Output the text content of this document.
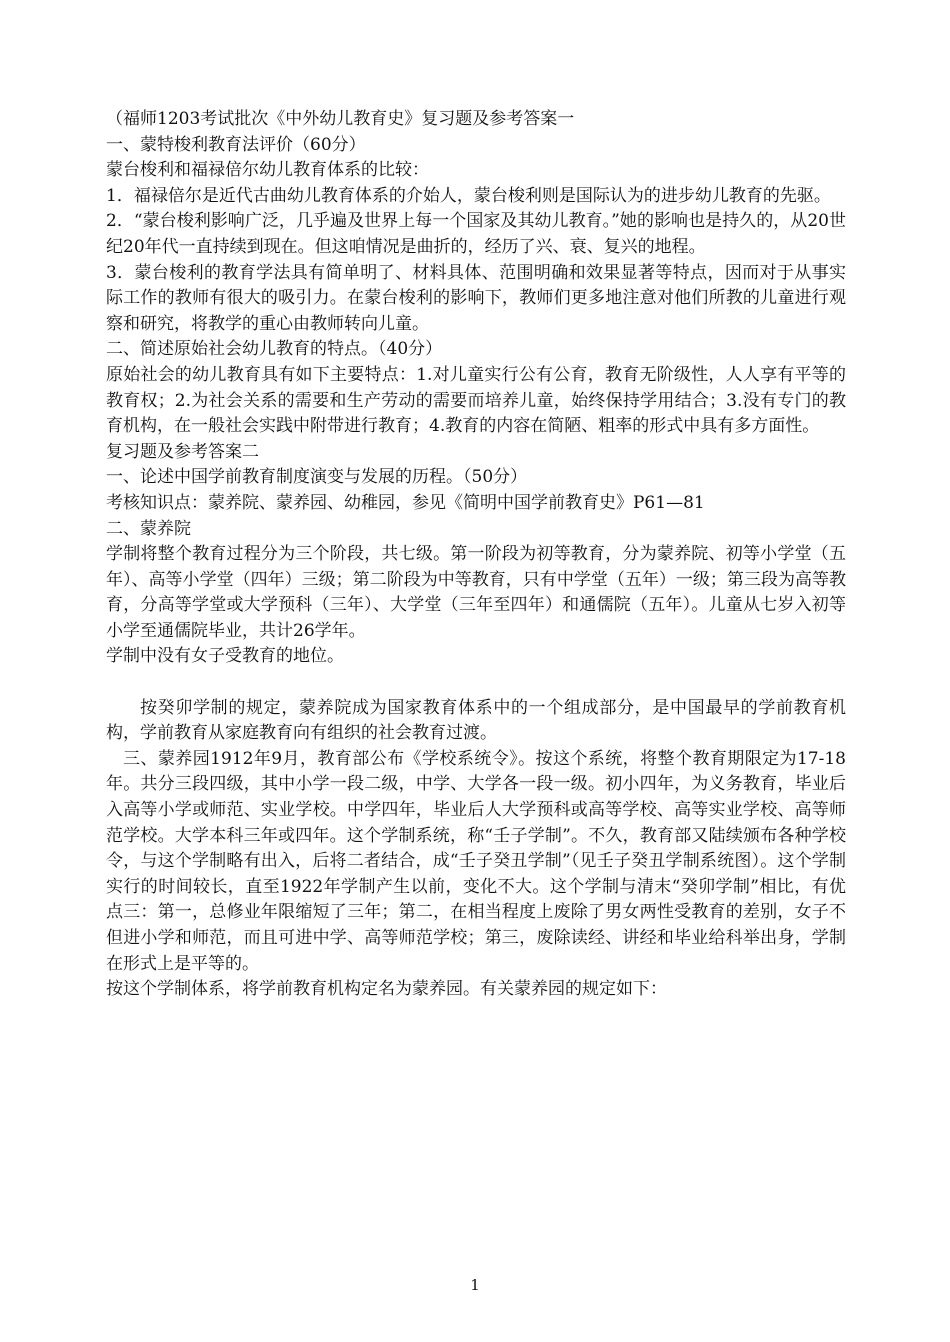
（福师1203考试批次《中外幼儿教育史》复习题及参考答案一

一、蒙特梭利教育法评价（60分）

蒙台梭利和福禄倍尔幼儿教育体系的比较：

1．福禄倍尔是近代古曲幼儿教育体系的介始人，蒙台梭利则是国际认为的进步幼儿教育的先驱。

2．“蒙台梭利影响广泛，几乎遍及世界上每一个国家及其幼儿教育。”她的影响也是持久的，从20世纪20年代一直持续到现在。但这咱情况是曲折的，经历了兴、衰、复兴的地程。

3．蒙台梭利的教育学法具有简单明了、材料具体、范围明确和效果显著等特点，因而对于从事实际工作的教师有很大的吸引力。在蒙台梭利的影响下，教师们更多地注意对他们所教的儿童进行观察和研究，将教学的重心由教师转向儿童。

二、简述原始社会幼儿教育的特点。（40分）

原始社会的幼儿教育具有如下主要特点：1.对儿童实行公有公育，教育无阶级性，人人享有平等的教育权；2.为社会关系的需要和生产劳动的需要而培养儿童，始终保持学用结合；3.没有专门的教育机构，在一般社会实践中附带进行教育；4.教育的内容在简陋、粗率的形式中具有多方面性。

复习题及参考答案二

一、论述中国学前教育制度演变与发展的历程。（50分）

考核知识点：蒙养院、蒙养园、幼稚园，参见《简明中国学前教育史》P61—81

二、蒙养院

学制将整个教育过程分为三个阶段，共七级。第一阶段为初等教育，分为蒙养院、初等小学堂（五年）、高等小学堂（四年）三级；第二阶段为中等教育，只有中学堂（五年）一级；第三段为高等教育，分高等学堂或大学预科（三年）、大学堂（三年至四年）和通儒院（五年）。儿童从七岁入初等小学至通儒院毕业，共计26学年。

学制中没有女子受教育的地位。

按癸卯学制的规定，蒙养院成为国家教育体系中的一个组成部分，是中国最早的学前教育机构，学前教育从家庭教育向有组织的社会教育过渡。

三、蒙养园1912年9月，教育部公布《学校系统令》。按这个系统，将整个教育期限定为17-18年。共分三段四级，其中小学一段二级，中学、大学各一段一级。初小四年，为义务教育，毕业后入高等小学或师范、实业学校。中学四年，毕业后人大学预科或高等学校、高等实业学校、高等师范学校。大学本科三年或四年。这个学制系统，称“壬子学制”。不久，教育部又陆续颁布各种学校令，与这个学制略有出入，后将二者结合，成“壬子癸丑学制”（见壬子癸丑学制系统图）。这个学制实行的时间较长，直至1922年学制产生以前，变化不大。这个学制与清末“癸卯学制”相比，有优点三：第一，总修业年限缩短了三年；第二，在相当程度上废除了男女两性受教育的差别，女子不但进小学和师范，而且可进中学、高等师范学校；第三，废除读经、讲经和毕业给科举出身，学制在形式上是平等的。

按这个学制体系，将学前教育机构定名为蒙养园。有关蒙养园的规定如下：

1
